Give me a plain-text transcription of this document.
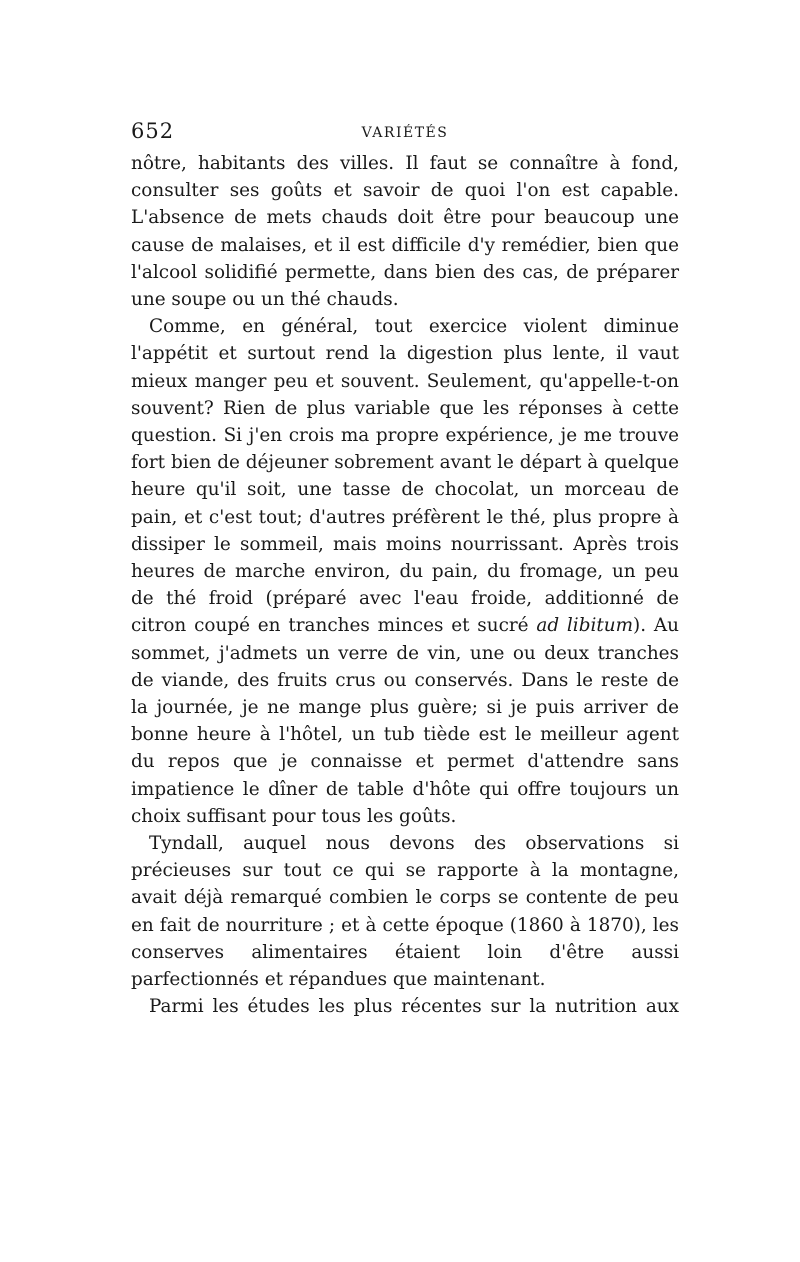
652	VARIÉTÉS

nôtre, habitants des villes. Il faut se connaître à fond, consulter ses goûts et savoir de quoi l'on est capable. L'absence de mets chauds doit être pour beaucoup une cause de malaises, et il est difficile d'y remédier, bien que l'alcool solidifié permette, dans bien des cas, de préparer une soupe ou un thé chauds.

Comme, en général, tout exercice violent diminue l'appétit et surtout rend la digestion plus lente, il vaut mieux manger peu et souvent. Seulement, qu'appelle-t-on souvent? Rien de plus variable que les réponses à cette question. Si j'en crois ma propre expérience, je me trouve fort bien de déjeuner sobrement avant le départ à quelque heure qu'il soit, une tasse de chocolat, un morceau de pain, et c'est tout; d'autres préfèrent le thé, plus propre à dissiper le sommeil, mais moins nourrissant. Après trois heures de marche environ, du pain, du fromage, un peu de thé froid (préparé avec l'eau froide, additionné de citron coupé en tranches minces et sucré ad libitum). Au sommet, j'admets un verre de vin, une ou deux tranches de viande, des fruits crus ou conservés. Dans le reste de la journée, je ne mange plus guère; si je puis arriver de bonne heure à l'hôtel, un tub tiède est le meilleur agent du repos que je connaisse et permet d'attendre sans impatience le dîner de table d'hôte qui offre toujours un choix suffisant pour tous les goûts.

Tyndall, auquel nous devons des observations si précieuses sur tout ce qui se rapporte à la montagne, avait déjà remarqué combien le corps se contente de peu en fait de nourriture ; et à cette époque (1860 à 1870), les conserves alimentaires étaient loin d'être aussi parfectionnés et répandues que maintenant.

Parmi les études les plus récentes sur la nutrition aux
